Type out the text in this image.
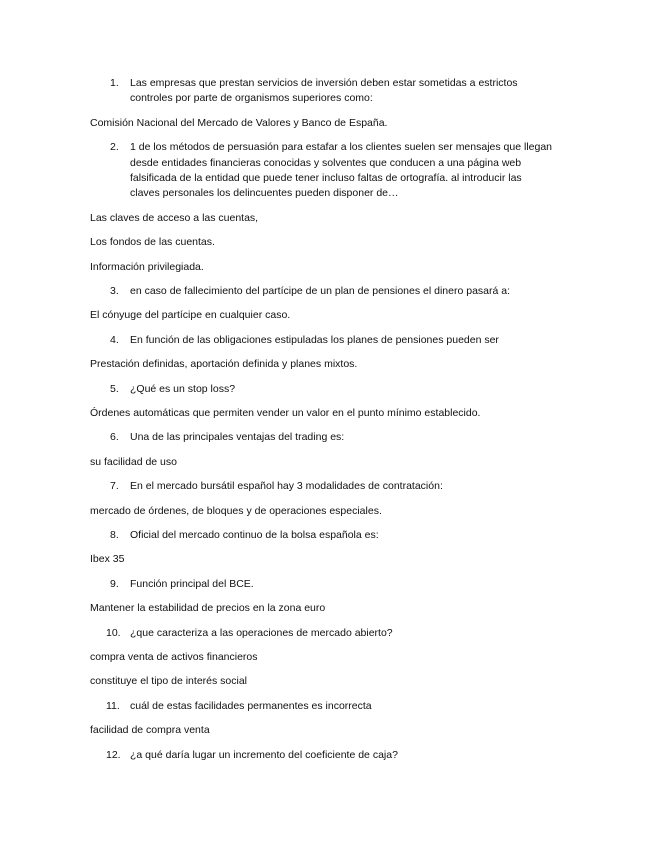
1. Las empresas que prestan servicios de inversión deben estar sometidas a estrictos
controles por parte de organismos superiores como:
Comisión Nacional del Mercado de Valores y Banco de España.
2. 1 de los métodos de persuasión para estafar a los clientes suelen ser mensajes que llegan
desde entidades financieras conocidas y solventes que conducen a una página web
falsificada de la entidad que puede tener incluso faltas de ortografía. al introducir las
claves personales los delincuentes pueden disponer de…
Las claves de acceso a las cuentas,
Los fondos de las cuentas.
Información privilegiada.
3. en caso de fallecimiento del partícipe de un plan de pensiones el dinero pasará a:
El cónyuge del partícipe en cualquier caso.
4. En función de las obligaciones estipuladas los planes de pensiones pueden ser
Prestación definidas, aportación definida y planes mixtos.
5. ¿Qué es un stop loss?
Órdenes automáticas que permiten vender un valor en el punto mínimo establecido.
6. Una de las principales ventajas del trading es:
su facilidad de uso
7. En el mercado bursátil español hay 3 modalidades de contratación:
mercado de órdenes, de bloques y de operaciones especiales.
8. Oficial del mercado continuo de la bolsa española es:
Ibex 35
9. Función principal del BCE.
Mantener la estabilidad de precios en la zona euro
10. ¿que caracteriza a las operaciones de mercado abierto?
compra venta de activos financieros
constituye el tipo de interés social
11. cuál de estas facilidades permanentes es incorrecta
facilidad de compra venta
12. ¿a qué daría lugar un incremento del coeficiente de caja?
